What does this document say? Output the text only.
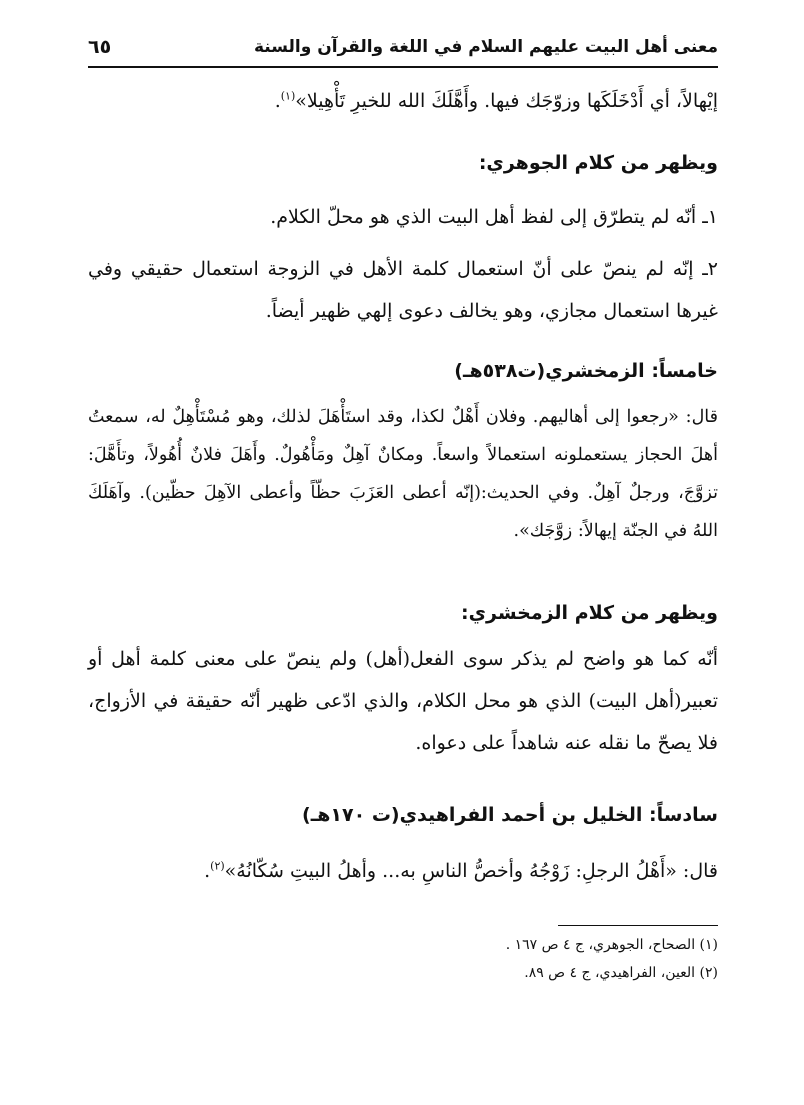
معنى أهل البيت عليهم السلام في اللغة والقرآن والسنة
٦٥

إيْهالاً، أي أَدْخَلَكَها وزوّجَك فيها. وأَهَّلَكَ الله للخيرِ تَأْهِيلا»$^{(١)}$.

ويظهر من كلام الجوهري:

١ـ أنّه لم يتطرّق إلى لفظ أهل البيت الذي هو محلّ الكلام.

٢ـ إنّه لم ينصّ على أنّ استعمال كلمة الأهل في الزوجة استعمال حقيقي وفي غيرها استعمال مجازي، وهو يخالف دعوى إلهي ظهير أيضاً.

خامساً: الزمخشري(ت٥٣٨هـ)

قال: «رجعوا إلى أهاليهم. وفلان أَهْلٌ لكذا، وقد استَأْهَلَ لذلك، وهو مُسْتَأْهِلٌ له، سمعتُ أهلَ الحجاز يستعملونه استعمالاً واسعاً. ومكانٌ آهِلٌ ومَأْهُولٌ. وأَهَلَ فلانٌ أُهُولاً، وتأَهَّلَ: تزوَّجَ، ورجلٌ آهِلٌ. وفي الحديث:(إنّه أعطى العَزَبَ حظّاً وأعطى الآهِلَ حظّين). وآهَلَكَ اللهُ في الجنّة إيهالاً: زوَّجَك».

ويظهر من كلام الزمخشري:

أنّه كما هو واضح لم يذكر سوى الفعل(أهل) ولم ينصّ على معنى كلمة أهل أو تعبير(أهل البيت) الذي هو محل الكلام، والذي ادّعى ظهير أنّه حقيقة في الأزواج، فلا يصحّ ما نقله عنه شاهداً على دعواه.

سادساً: الخليل بن أحمد الفراهيدي(ت ١٧٠هـ)

قال: «أَهْلُ الرجلِ: زَوْجُهُ وأخصُّ الناسِ به... وأهلُ البيتِ سُكّانُهُ»$^{(٢)}$.

(١) الصحاح، الجوهري، ج ٤ ص ١٦٧ .
(٢) العين، الفراهيدي، ج ٤ ص ٨٩.
